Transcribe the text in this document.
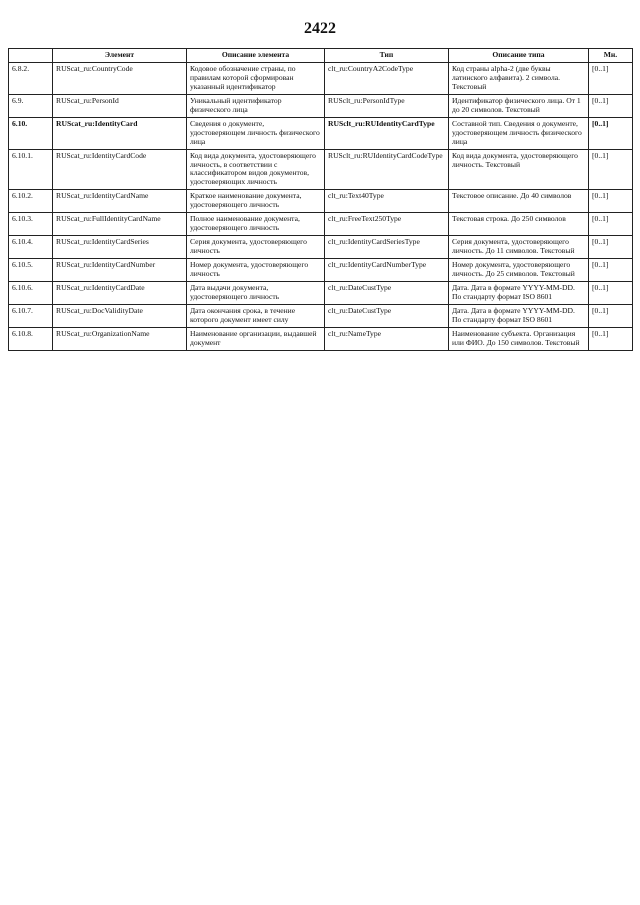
2422
	Элемент	Описание элемента	Тип	Описание типа	Мн.
6.8.2.	RUScat_ru:CountryCode	Кодовое обозначение страны, по правилам которой сформирован указанный идентификатор	clt_ru:CountryA2CodeType	Код страны alpha-2 (две буквы латинского алфавита). 2 символа. Текстовый	[0..1]
6.9.	RUScat_ru:PersonId	Уникальный идентификатор физического лица	RUSclt_ru:PersonIdType	Идентификатор физического лица. От 1 до 20 символов. Текстовый	[0..1]
6.10.	RUScat_ru:IdentityCard	Сведения о документе, удостоверяющем личность физического лица	RUSclt_ru:RUIdentityCardType	Составной тип. Сведения о документе, удостоверяющем личность физического лица	[0..1]
6.10.1.	RUScat_ru:IdentityCardCode	Код вида документа, удостоверяющего личность, в соответствии с классификатором видов документов, удостоверяющих личность	RUSclt_ru:RUIdentityCardCodeType	Код вида документа, удостоверяющего личность. Текстовый	[0..1]
6.10.2.	RUScat_ru:IdentityCardName	Краткое наименование документа, удостоверяющего личность	clt_ru:Text40Type	Текстовое описание. До 40 символов	[0..1]
6.10.3.	RUScat_ru:FullIdentityCardName	Полное наименование документа, удостоверяющего личность	clt_ru:FreeText250Type	Текстовая строка. До 250 символов	[0..1]
6.10.4.	RUScat_ru:IdentityCardSeries	Серия документа, удостоверяющего личность	clt_ru:IdentityCardSeriesType	Серия документа, удостоверяющего личность. До 11 символов. Текстовый	[0..1]
6.10.5.	RUScat_ru:IdentityCardNumber	Номер документа, удостоверяющего личность	clt_ru:IdentityCardNumberType	Номер документа, удостоверяющего личность. До 25 символов. Текстовый	[0..1]
6.10.6.	RUScat_ru:IdentityCardDate	Дата выдачи документа, удостоверяющего личность	clt_ru:DateCustType	Дата. Дата в формате YYYY-MM-DD. По стандарту формат ISO 8601	[0..1]
6.10.7.	RUScat_ru:DocValidityDate	Дата окончания срока, в течение которого документ имеет силу	clt_ru:DateCustType	Дата. Дата в формате YYYY-MM-DD. По стандарту формат ISO 8601	[0..1]
6.10.8.	RUScat_ru:OrganizationName	Наименование организации, выдавшей документ	clt_ru:NameType	Наименование субъекта. Организация или ФИО. До 150 символов. Текстовый	[0..1]
